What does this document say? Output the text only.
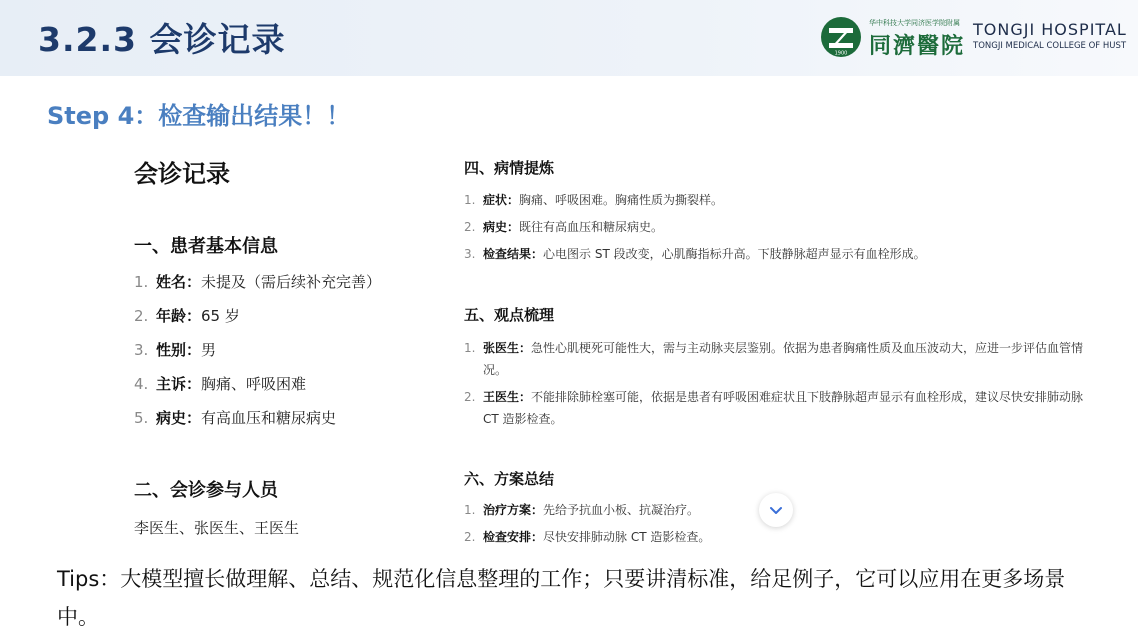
3.2.3 会诊记录	1900
华中科技大学同济医学院附属
同濟醫院
TONGJI HOSPITAL
TONGJI MEDICAL COLLEGE OF HUST
Step 4：检查输出结果！！
会诊记录
一、患者基本信息
1. 姓名：未提及（需后续补充完善）
2. 年龄：65 岁
3. 性别：男
4. 主诉：胸痛、呼吸困难
5. 病史：有高血压和糖尿病史
二、会诊参与人员
李医生、张医生、王医生
四、病情提炼
1. 症状：胸痛、呼吸困难。胸痛性质为撕裂样。
2. 病史：既往有高血压和糖尿病史。
3. 检查结果：心电图示 ST 段改变，心肌酶指标升高。下肢静脉超声显示有血栓形成。
五、观点梳理
1. 张医生：急性心肌梗死可能性大，需与主动脉夹层鉴别。依据为患者胸痛性质及血压波动大，应进一步评估血管情况。
2. 王医生：不能排除肺栓塞可能，依据是患者有呼吸困难症状且下肢静脉超声显示有血栓形成，建议尽快安排肺动脉 CT 造影检查。
六、方案总结
1. 治疗方案：先给予抗血小板、抗凝治疗。
2. 检查安排：尽快安排肺动脉 CT 造影检查。
Tips：大模型擅长做理解、总结、规范化信息整理的工作；只要讲清标准，给足例子，它可以应用在更多场景中。
